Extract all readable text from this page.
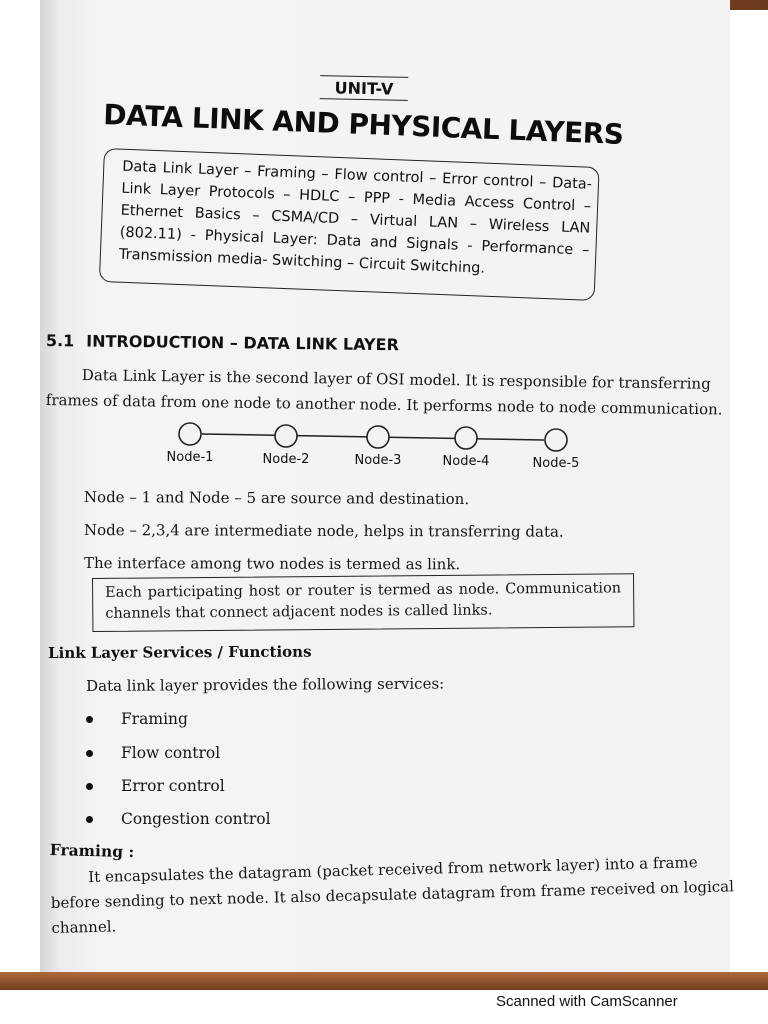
UNIT-V
DATA LINK AND PHYSICAL LAYERS

Data Link Layer – Framing – Flow control – Error control – Data-Link Layer Protocols – HDLC – PPP - Media Access Control – Ethernet Basics – CSMA/CD – Virtual LAN – Wireless LAN (802.11) - Physical Layer: Data and Signals - Performance – Transmission media- Switching – Circuit Switching.

5.1 INTRODUCTION – DATA LINK LAYER
Data Link Layer is the second layer of OSI model. It is responsible for transferring
frames of data from one node to another node. It performs node to node communication.
Node-1	Node-2	Node-3	Node-4	Node-5
Node – 1 and Node – 5 are source and destination.
Node – 2,3,4 are intermediate node, helps in transferring data.
The interface among two nodes is termed as link.

Each participating host or router is termed as node. Communication channels that connect adjacent nodes is called links.

Link Layer Services / Functions
Data link layer provides the following services:
Framing
Flow control
Error control
Congestion control
Framing :
It encapsulates the datagram (packet received from network layer) into a frame
before sending to next node. It also decapsulate datagram from frame received on logical
channel.
Scanned with CamScanner
